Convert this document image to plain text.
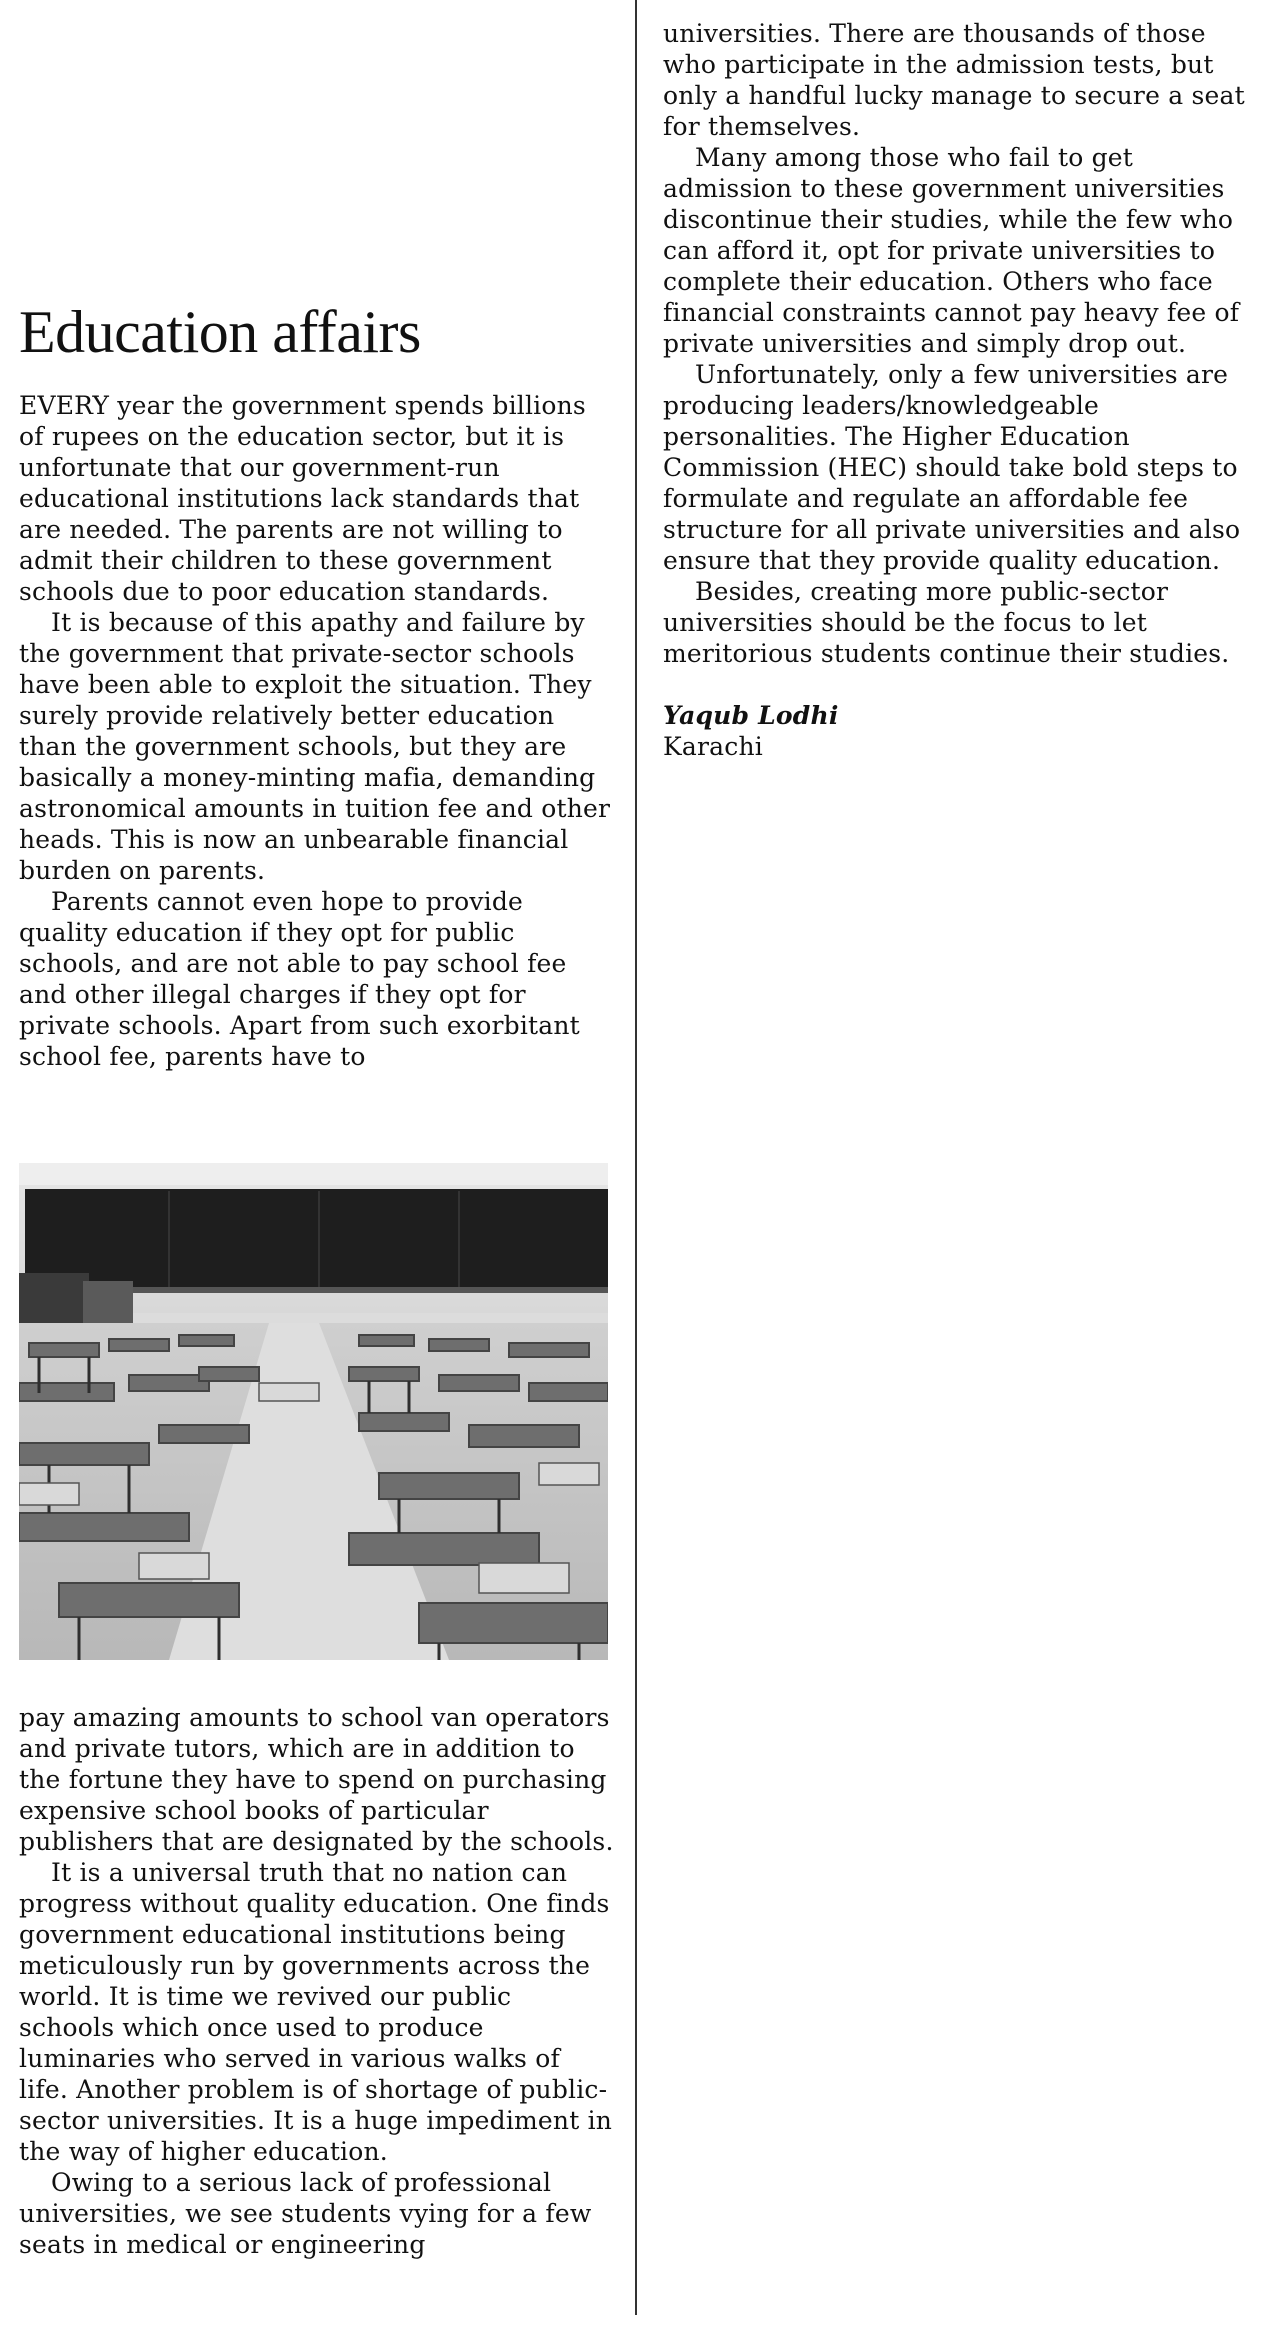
Education affairs

EVERY year the government spends billions of rupees on the education sector, but it is unfortunate that our government-run educational institutions lack standards that are needed. The parents are not willing to admit their children to these government schools due to poor education standards.

It is because of this apathy and failure by the government that private-sector schools have been able to exploit the situation. They surely provide relatively better education than the government schools, but they are basically a money-minting mafia, demanding astronomical amounts in tuition fee and other heads. This is now an unbearable financial burden on parents.

Parents cannot even hope to provide quality education if they opt for public schools, and are not able to pay school fee and other illegal charges if they opt for private schools. Apart from such exorbitant school fee, parents have to

pay amazing amounts to school van operators and private tutors, which are in addition to the fortune they have to spend on purchasing expensive school books of particular publishers that are designated by the schools.

It is a universal truth that no nation can progress without quality education. One finds government educational institutions being meticulously run by governments across the world. It is time we revived our public schools which once used to produce luminaries who served in various walks of life. Another problem is of shortage of public-sector universities. It is a huge impediment in the way of higher education.

Owing to a serious lack of professional universities, we see students vying for a few seats in medical or engineering

universities. There are thousands of those who participate in the admission tests, but only a handful lucky manage to secure a seat for themselves.

Many among those who fail to get admission to these government universities discontinue their studies, while the few who can afford it, opt for private universities to complete their education. Others who face financial constraints cannot pay heavy fee of private universities and simply drop out.

Unfortunately, only a few universities are producing leaders/knowledgeable personalities. The Higher Education Commission (HEC) should take bold steps to formulate and regulate an affordable fee structure for all private universities and also ensure that they provide quality education.

Besides, creating more public-sector universities should be the focus to let meritorious students continue their studies.

Yaqub Lodhi
Karachi
